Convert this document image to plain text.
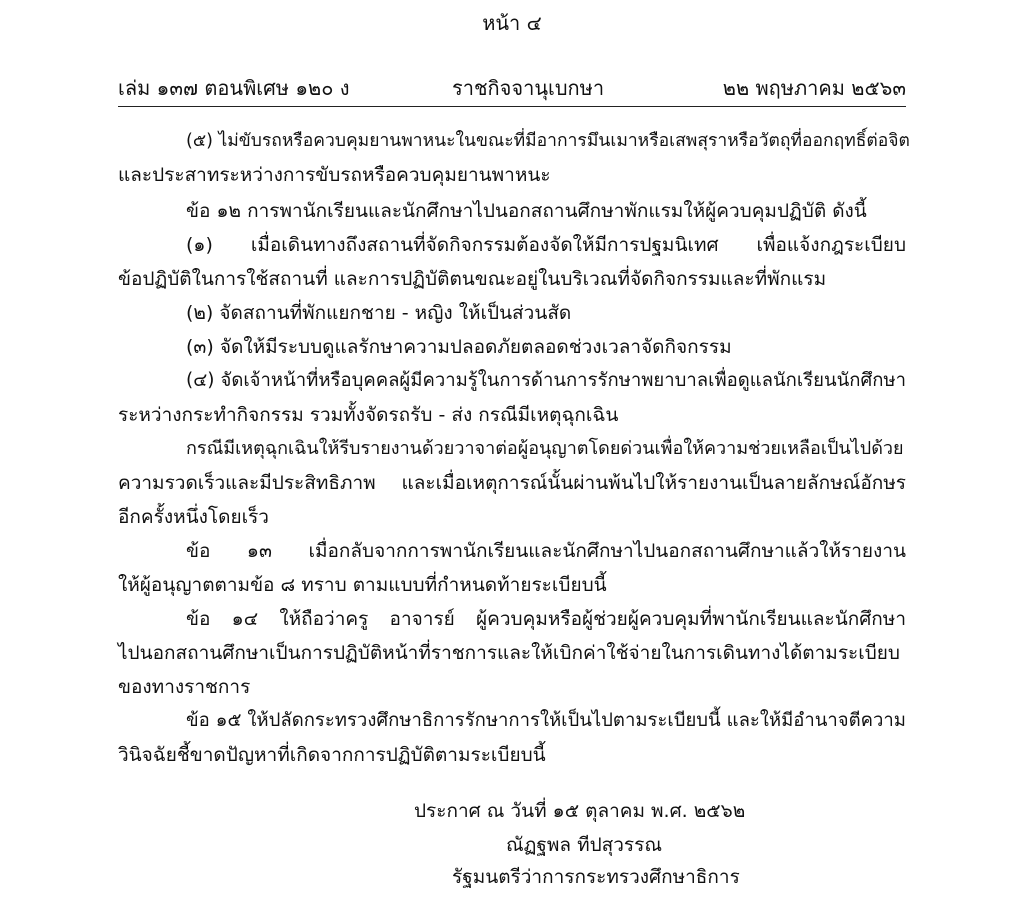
หน้า ๔
เล่ม ๑๓๗ ตอนพิเศษ ๑๒๐ ง	ราชกิจจานุเบกษา	๒๒ พฤษภาคม ๒๕๖๓
(๕) ไม่ขับรถหรือควบคุมยานพาหนะในขณะที่มีอาการมึนเมาหรือเสพสุราหรือวัตถุที่ออกฤทธิ์ต่อจิต
และประสาทระหว่างการขับรถหรือควบคุมยานพาหนะ
ข้อ ๑๒ การพานักเรียนและนักศึกษาไปนอกสถานศึกษาพักแรมให้ผู้ควบคุมปฏิบัติ ดังนี้
(๑) เมื่อเดินทางถึงสถานที่จัดกิจกรรมต้องจัดให้มีการปฐมนิเทศ เพื่อแจ้งกฎระเบียบ
ข้อปฏิบัติในการใช้สถานที่ และการปฏิบัติตนขณะอยู่ในบริเวณที่จัดกิจกรรมและที่พักแรม
(๒) จัดสถานที่พักแยกชาย - หญิง ให้เป็นส่วนสัด
(๓) จัดให้มีระบบดูแลรักษาความปลอดภัยตลอดช่วงเวลาจัดกิจกรรม
(๔) จัดเจ้าหน้าที่หรือบุคคลผู้มีความรู้ในการด้านการรักษาพยาบาลเพื่อดูแลนักเรียนนักศึกษา
ระหว่างกระทำกิจกรรม รวมทั้งจัดรถรับ - ส่ง กรณีมีเหตุฉุกเฉิน
กรณีมีเหตุฉุกเฉินให้รีบรายงานด้วยวาจาต่อผู้อนุญาตโดยด่วนเพื่อให้ความช่วยเหลือเป็นไปด้วย
ความรวดเร็วและมีประสิทธิภาพ และเมื่อเหตุการณ์นั้นผ่านพ้นไปให้รายงานเป็นลายลักษณ์อักษร
อีกครั้งหนึ่งโดยเร็ว
ข้อ ๑๓ เมื่อกลับจากการพานักเรียนและนักศึกษาไปนอกสถานศึกษาแล้วให้รายงาน
ให้ผู้อนุญาตตามข้อ ๘ ทราบ ตามแบบที่กำหนดท้ายระเบียบนี้
ข้อ ๑๔ ให้ถือว่าครู อาจารย์ ผู้ควบคุมหรือผู้ช่วยผู้ควบคุมที่พานักเรียนและนักศึกษา
ไปนอกสถานศึกษาเป็นการปฏิบัติหน้าที่ราชการและให้เบิกค่าใช้จ่ายในการเดินทางได้ตามระเบียบ
ของทางราชการ
ข้อ ๑๕ ให้ปลัดกระทรวงศึกษาธิการรักษาการให้เป็นไปตามระเบียบนี้ และให้มีอำนาจตีความ
วินิจฉัยชี้ขาดปัญหาที่เกิดจากการปฏิบัติตามระเบียบนี้
ประกาศ ณ วันที่ ๑๕ ตุลาคม พ.ศ. ๒๕๖๒
ณัฏฐพล ทีปสุวรรณ
รัฐมนตรีว่าการกระทรวงศึกษาธิการ
